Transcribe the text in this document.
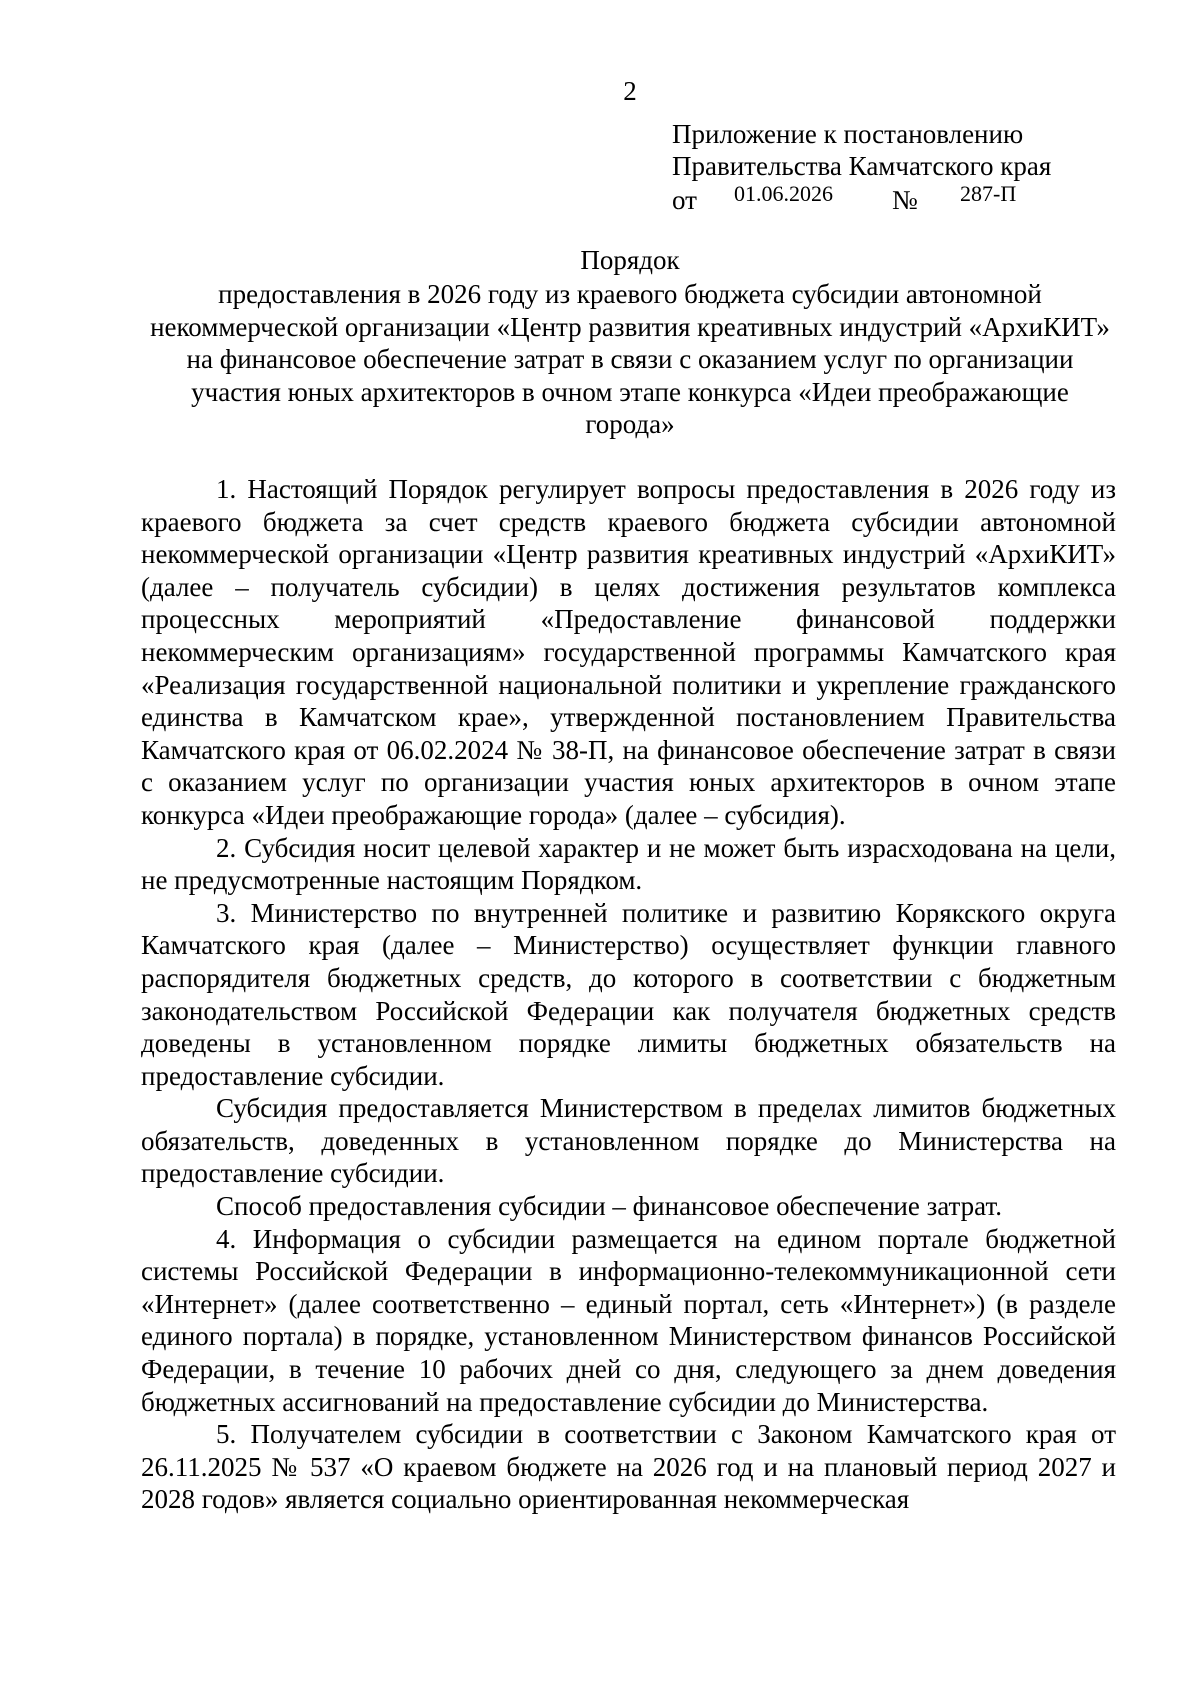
2
Приложение к постановлению
Правительства Камчатского края
от 01.06.2026 № 287-П
Порядок
предоставления в 2026 году из краевого бюджета субсидии автономной некоммерческой организации «Центр развития креативных индустрий «АрхиКИТ» на финансовое обеспечение затрат в связи с оказанием услуг по организации участия юных архитекторов в очном этапе конкурса «Идеи преображающие города»

1. Настоящий Порядок регулирует вопросы предоставления в 2026 году из краевого бюджета за счет средств краевого бюджета субсидии автономной некоммерческой организации «Центр развития креативных индустрий «АрхиКИТ» (далее – получатель субсидии) в целях достижения результатов комплекса процессных мероприятий «Предоставление финансовой поддержки некоммерческим организациям» государственной программы Камчатского края «Реализация государственной национальной политики и укрепление гражданского единства в Камчатском крае», утвержденной постановлением Правительства Камчатского края от 06.02.2024 № 38-П, на финансовое обеспечение затрат в связи с оказанием услуг по организации участия юных архитекторов в очном этапе конкурса «Идеи преображающие города» (далее – субсидия).

2. Субсидия носит целевой характер и не может быть израсходована на цели, не предусмотренные настоящим Порядком.

3. Министерство по внутренней политике и развитию Корякского округа Камчатского края (далее – Министерство) осуществляет функции главного распорядителя бюджетных средств, до которого в соответствии с бюджетным законодательством Российской Федерации как получателя бюджетных средств доведены в установленном порядке лимиты бюджетных обязательств на предоставление субсидии.

Субсидия предоставляется Министерством в пределах лимитов бюджетных обязательств, доведенных в установленном порядке до Министерства на предоставление субсидии.

Способ предоставления субсидии – финансовое обеспечение затрат.

4. Информация о субсидии размещается на едином портале бюджетной системы Российской Федерации в информационно-телекоммуникационной сети «Интернет» (далее соответственно – единый портал, сеть «Интернет») (в разделе единого портала) в порядке, установленном Министерством финансов Российской Федерации, в течение 10 рабочих дней со дня, следующего за днем доведения бюджетных ассигнований на предоставление субсидии до Министерства.

5. Получателем субсидии в соответствии с Законом Камчатского края от 26.11.2025 № 537 «О краевом бюджете на 2026 год и на плановый период 2027 и 2028 годов» является социально ориентированная некоммерческая
